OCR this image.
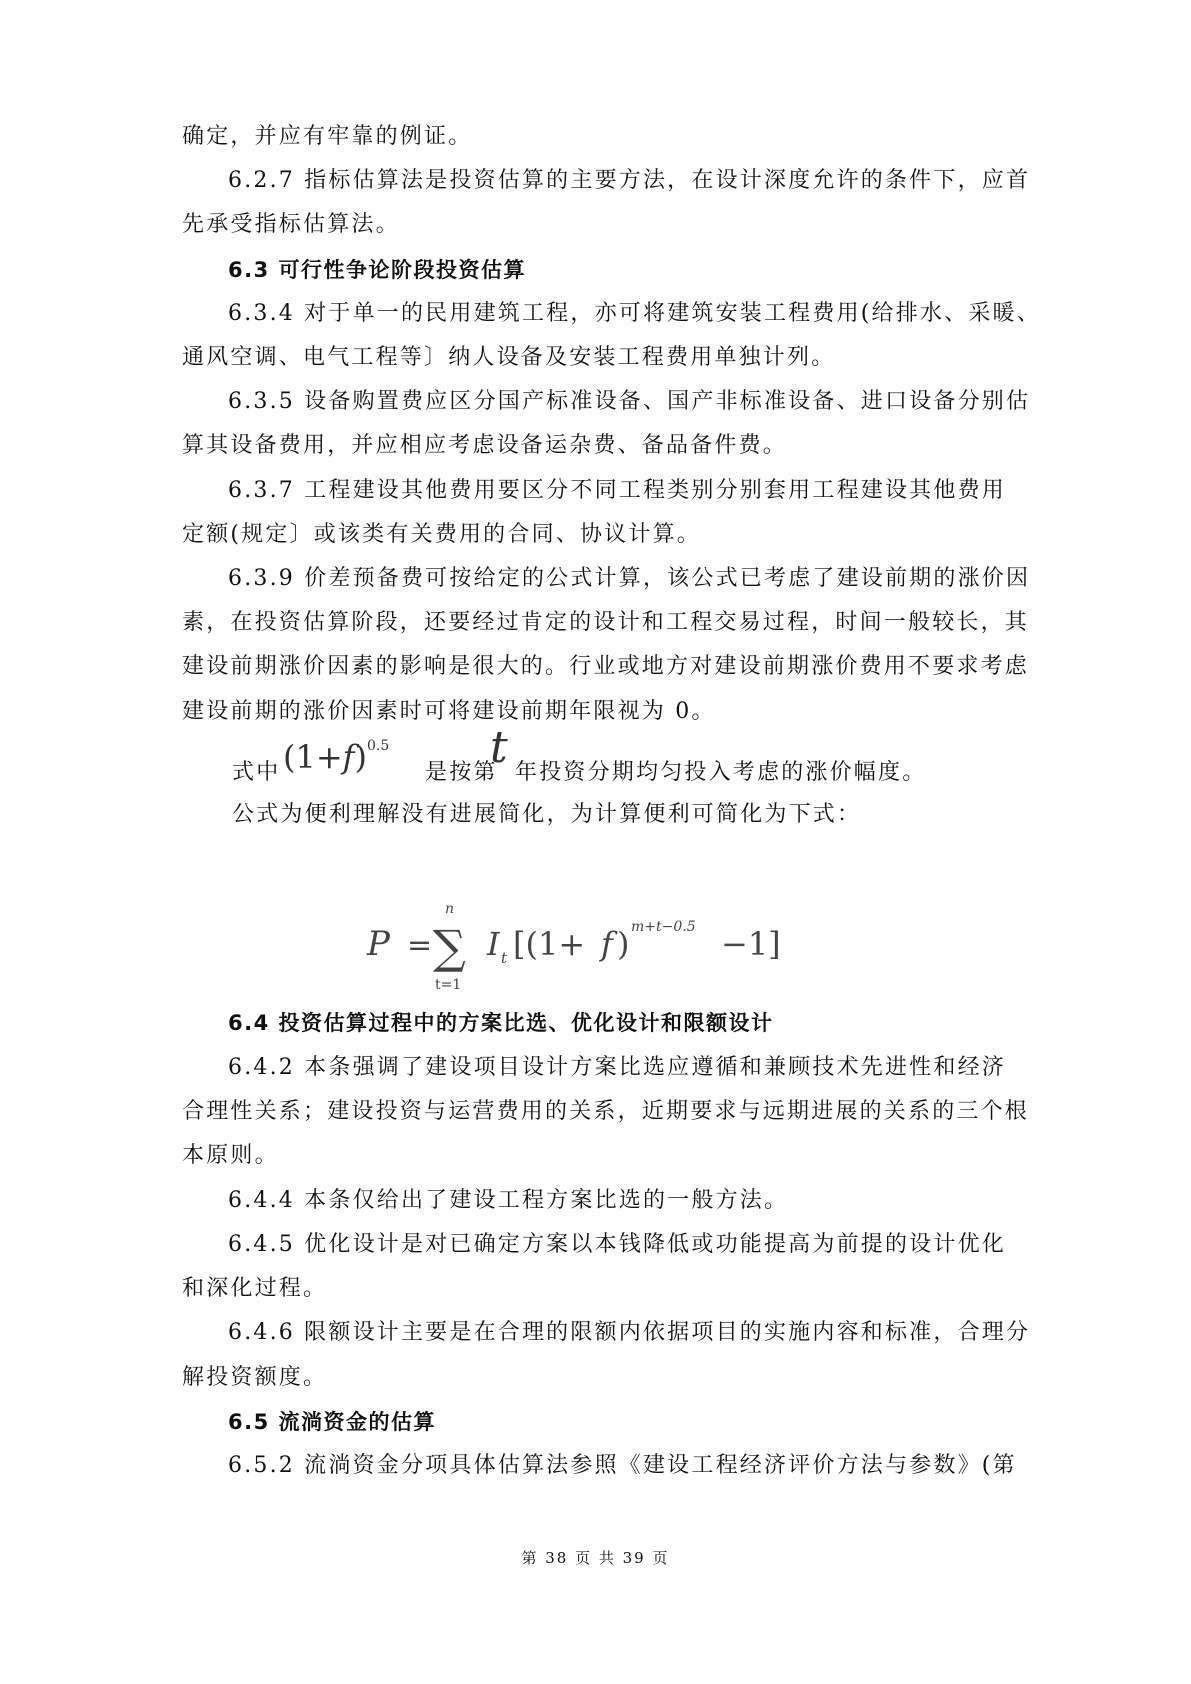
确定，并应有牢靠的例证。
6.2.7 指标估算法是投资估算的主要方法，在设计深度允许的条件下，应首
先承受指标估算法。
6.3 可行性争论阶段投资估算
6.3.4 对于单一的民用建筑工程，亦可将建筑安装工程费用(给排水、采暖、
通风空调、电气工程等〕纳人设备及安装工程费用单独计列。
6.3.5 设备购置费应区分国产标准设备、国产非标准设备、进口设备分别估
算其设备费用，并应相应考虑设备运杂费、备品备件费。
6.3.7 工程建设其他费用要区分不同工程类别分别套用工程建设其他费用
定额(规定〕或该类有关费用的合同、协议计算。
6.3.9 价差预备费可按给定的公式计算，该公式已考虑了建设前期的涨价因
素，在投资估算阶段，还要经过肯定的设计和工程交易过程，时间一般较长，其
建设前期涨价因素的影响是很大的。行业或地方对建设前期涨价费用不要求考虑
建设前期的涨价因素时可将建设前期年限视为 0。
式中 $(1+f)^{0.5}$
是按第
t 年投资分期均匀投入考虑的涨价幅度。
公式为便利理解没有进展简化，为计算便利可简化为下式：
P =
n
∑
t=1
I t [(1+ f ) m+t−0.5 −1]
6.4 投资估算过程中的方案比选、优化设计和限额设计
6.4.2 本条强调了建设项目设计方案比选应遵循和兼顾技术先进性和经济
合理性关系；建设投资与运营费用的关系，近期要求与远期进展的关系的三个根
本原则。
6.4.4 本条仅给出了建设工程方案比选的一般方法。
6.4.5 优化设计是对已确定方案以本钱降低或功能提高为前提的设计优化
和深化过程。
6.4.6 限额设计主要是在合理的限额内依据项目的实施内容和标准，合理分
解投资额度。
6.5 流淌资金的估算
6.5.2 流淌资金分项具体估算法参照《建设工程经济评价方法与参数》(第
第 38 页 共 39 页
